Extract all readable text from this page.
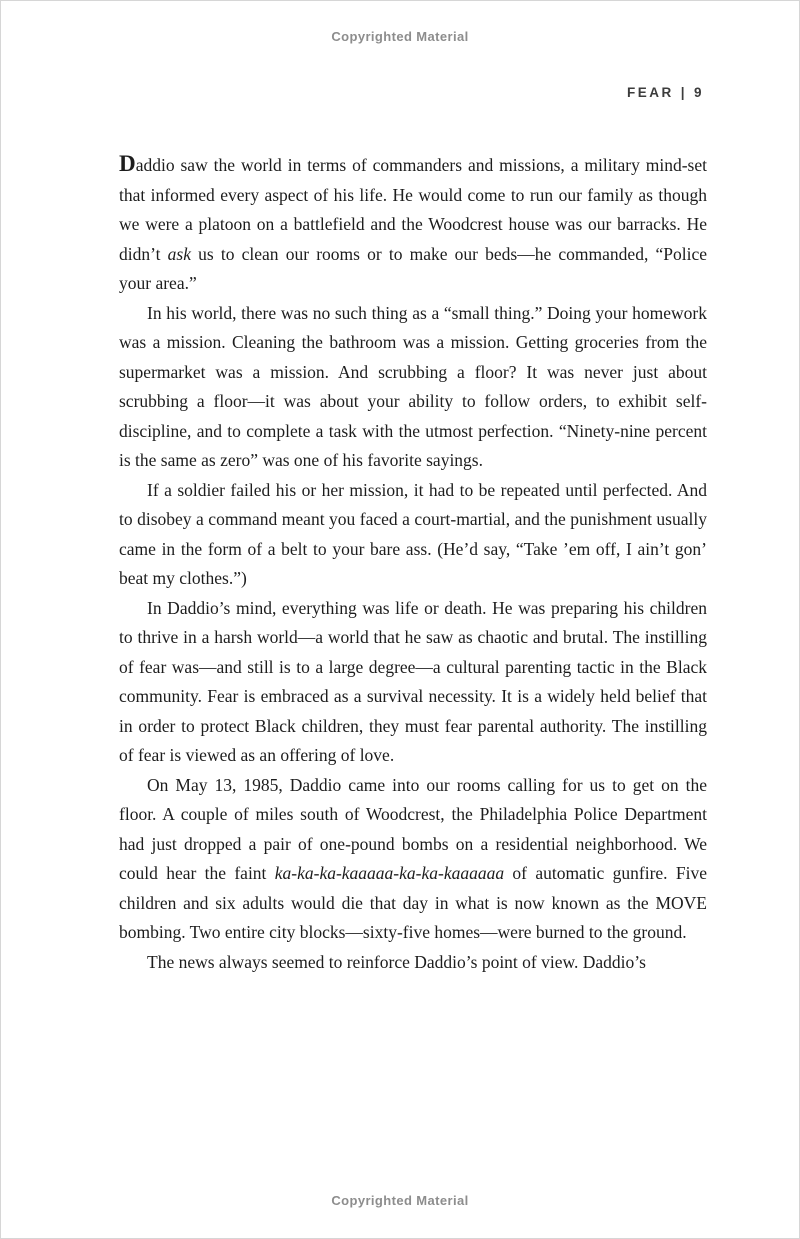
Copyrighted Material
FEAR | 9

Daddio saw the world in terms of commanders and missions, a military mind-set that informed every aspect of his life. He would come to run our family as though we were a platoon on a battlefield and the Woodcrest house was our barracks. He didn’t ask us to clean our rooms or to make our beds—he commanded, “Police your area.”

In his world, there was no such thing as a “small thing.” Doing your homework was a mission. Cleaning the bathroom was a mission. Getting groceries from the supermarket was a mission. And scrubbing a floor? It was never just about scrubbing a floor—it was about your ability to follow orders, to exhibit self-discipline, and to complete a task with the utmost perfection. “Ninety-nine percent is the same as zero” was one of his favorite sayings.

If a soldier failed his or her mission, it had to be repeated until perfected. And to disobey a command meant you faced a court-martial, and the punishment usually came in the form of a belt to your bare ass. (He’d say, “Take ’em off, I ain’t gon’ beat my clothes.”)

In Daddio’s mind, everything was life or death. He was preparing his children to thrive in a harsh world—a world that he saw as chaotic and brutal. The instilling of fear was—and still is to a large degree—a cultural parenting tactic in the Black community. Fear is embraced as a survival necessity. It is a widely held belief that in order to protect Black children, they must fear parental authority. The instilling of fear is viewed as an offering of love.

On May 13, 1985, Daddio came into our rooms calling for us to get on the floor. A couple of miles south of Woodcrest, the Philadelphia Police Department had just dropped a pair of one-pound bombs on a residential neighborhood. We could hear the faint ka-ka-ka-kaaaaa-ka-ka-kaaaaaa of automatic gunfire. Five children and six adults would die that day in what is now known as the MOVE bombing. Two entire city blocks—sixty-five homes—were burned to the ground.

The news always seemed to reinforce Daddio’s point of view. Daddio’s

Copyrighted Material
